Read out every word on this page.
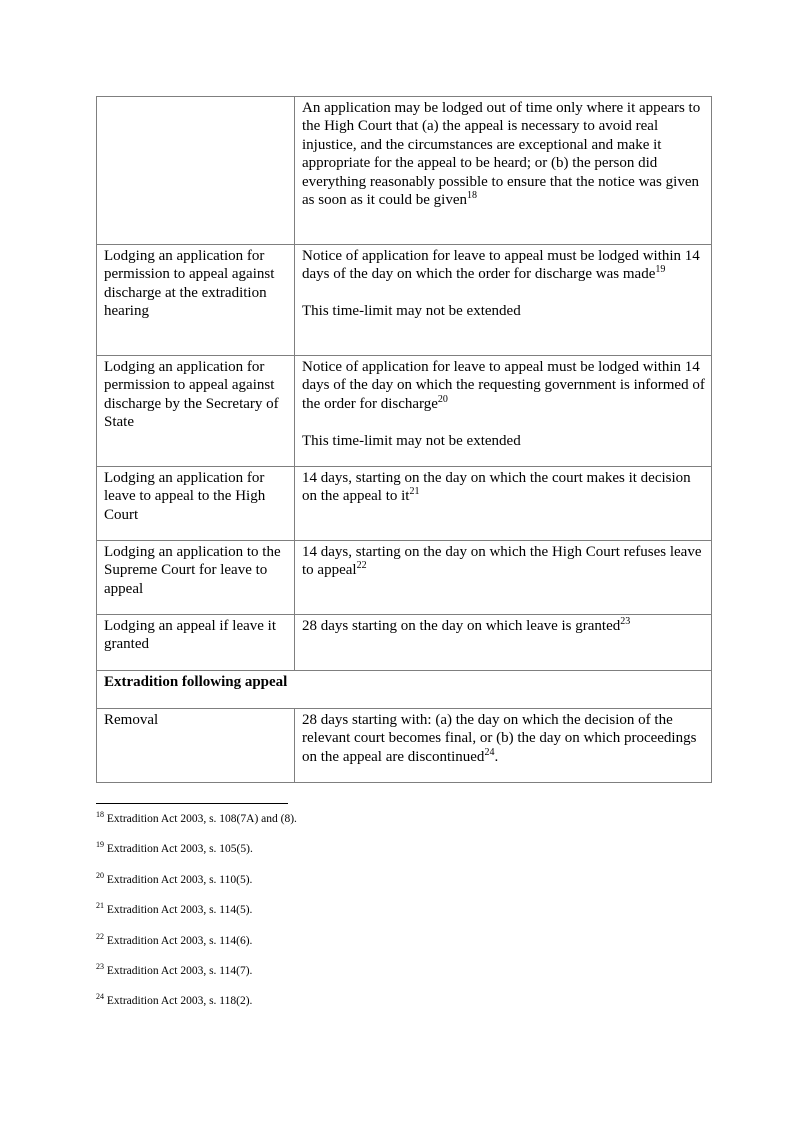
	An application may be lodged out of time only where it appears to the High Court that (a) the appeal is necessary to avoid real injustice, and the circumstances are exceptional and make it appropriate for the appeal to be heard; or (b) the person did everything reasonably possible to ensure that the notice was given as soon as it could be given$^{18}$
Lodging an application for permission to appeal against discharge at the extradition hearing	Notice of application for leave to appeal must be lodged within 14 days of the day on which the order for discharge was made$^{19}$
This time-limit may not be extended
Lodging an application for permission to appeal against discharge by the Secretary of State	Notice of application for leave to appeal must be lodged within 14 days of the day on which the requesting government is informed of the order for discharge$^{20}$
This time-limit may not be extended
Lodging an application for leave to appeal to the High Court	14 days, starting on the day on which the court makes it decision on the appeal to $it^{21}$
Lodging an application to the Supreme Court for leave to appeal	14 days, starting on the day on which the High Court refuses leave to appeal$^{22}$
Lodging an appeal if leave it granted	28 days starting on the day on which leave is granted$^{23}$
Extradition following appeal	
Removal	28 days starting with: (a) the day on which the decision of the relevant court becomes final, or (b) the day on which proceedings on the appeal are discontinued$^{24}$.
$^{18}$ Extradition Act 2003, s. 108(7A) and (8).
$^{19}$ Extradition Act 2003, s. 105(5).
$^{20}$ Extradition Act 2003, s. 110(5).
$^{21}$ Extradition Act 2003, s. 114(5).
$^{22}$ Extradition Act 2003, s. 114(6).
$^{23}$ Extradition Act 2003, s. 114(7).
$^{24}$ Extradition Act 2003, s. 118(2).
